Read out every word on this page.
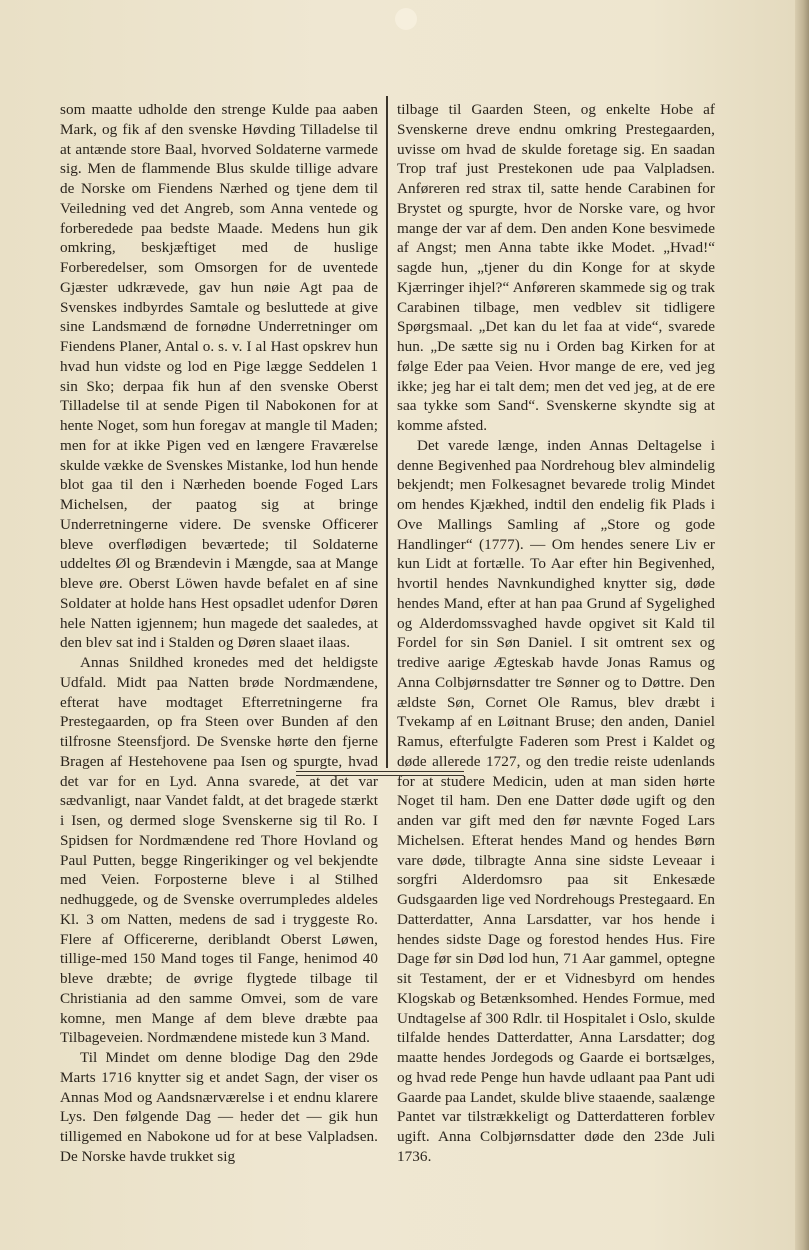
som maatte udholde den strenge Kulde paa aaben Mark, og fik af den svenske Høvding Tilladelse til at antænde store Baal, hvorved Soldaterne varmede sig. Men de flammende Blus skulde tillige advare de Norske om Fiendens Nærhed og tjene dem til Veiledning ved det Angreb, som Anna ventede og forberedede paa bedste Maade. Medens hun gik omkring, beskjæftiget med de huslige Forberedelser, som Omsorgen for de uventede Gjæster udkrævede, gav hun nøie Agt paa de Svenskes indbyrdes Samtale og besluttede at give sine Landsmænd de fornødne Underretninger om Fiendens Planer, Antal o. s. v. I al Hast opskrev hun hvad hun vidste og lod en Pige lægge Seddelen 1 sin Sko; derpaa fik hun af den svenske Oberst Tilladelse til at sende Pigen til Nabokonen for at hente Noget, som hun foregav at mangle til Maden; men for at ikke Pigen ved en længere Fraværelse skulde vække de Svenskes Mistanke, lod hun hende blot gaa til den i Nærheden boende Foged Lars Michelsen, der paatog sig at bringe Underretningerne videre. De svenske Officerer bleve overflødigen beværtede; til Soldaterne uddeltes Øl og Brændevin i Mængde, saa at Mange bleve øre. Oberst Löwen havde befalet en af sine Soldater at holde hans Hest opsadlet udenfor Døren hele Natten igjennem; hun magede det saaledes, at den blev sat ind i Stalden og Døren slaaet ilaas.

Annas Snildhed kronedes med det heldigste Udfald. Midt paa Natten brøde Nordmændene, efterat have modtaget Efterretningerne fra Prestegaarden, op fra Steen over Bunden af den tilfrosne Steensfjord. De Svenske hørte den fjerne Bragen af Hestehovene paa Isen og spurgte, hvad det var for en Lyd. Anna svarede, at det var sædvanligt, naar Vandet faldt, at det bragede stærkt i Isen, og dermed sloge Svenskerne sig til Ro. I Spidsen for Nordmændene red Thore Hovland og Paul Putten, begge Ringerikinger og vel bekjendte med Veien. Forposterne bleve i al Stilhed nedhuggede, og de Svenske overrumpledes aldeles Kl. 3 om Natten, medens de sad i tryggeste Ro. Flere af Officererne, deriblandt Oberst Løwen, tillige-med 150 Mand toges til Fange, henimod 40 bleve dræbte; de øvrige flygtede tilbage til Christiania ad den samme Omvei, som de vare komne, men Mange af dem bleve dræbte paa Tilbageveien. Nordmændene mistede kun 3 Mand.

Til Mindet om denne blodige Dag den 29de Marts 1716 knytter sig et andet Sagn, der viser os Annas Mod og Aandsnærværelse i et endnu klarere Lys. Den følgende Dag — heder det — gik hun tilligemed en Nabokone ud for at bese Valpladsen. De Norske havde trukket sig

tilbage til Gaarden Steen, og enkelte Hobe af Svenskerne dreve endnu omkring Prestegaarden, uvisse om hvad de skulde foretage sig. En saadan Trop traf just Prestekonen ude paa Valpladsen. Anføreren red strax til, satte hende Carabinen for Brystet og spurgte, hvor de Norske vare, og hvor mange der var af dem. Den anden Kone besvimede af Angst; men Anna tabte ikke Modet. „Hvad!“ sagde hun, „tjener du din Konge for at skyde Kjærringer ihjel?“ Anføreren skammede sig og trak Carabinen tilbage, men vedblev sit tidligere Spørgsmaal. „Det kan du let faa at vide“, svarede hun. „De sætte sig nu i Orden bag Kirken for at følge Eder paa Veien. Hvor mange de ere, ved jeg ikke; jeg har ei talt dem; men det ved jeg, at de ere saa tykke som Sand“. Svenskerne skyndte sig at komme afsted.

Det varede længe, inden Annas Deltagelse i denne Begivenhed paa Nordrehoug blev almindelig bekjendt; men Folkesagnet bevarede trolig Mindet om hendes Kjækhed, indtil den endelig fik Plads i Ove Mallings Samling af „Store og gode Handlinger“ (1777). — Om hendes senere Liv er kun Lidt at fortælle. To Aar efter hin Begivenhed, hvortil hendes Navnkundighed knytter sig, døde hendes Mand, efter at han paa Grund af Sygelighed og Alderdomssvaghed havde opgivet sit Kald til Fordel for sin Søn Daniel. I sit omtrent sex og tredive aarige Ægteskab havde Jonas Ramus og Anna Colbjørnsdatter tre Sønner og to Døttre. Den ældste Søn, Cornet Ole Ramus, blev dræbt i Tvekamp af en Løitnant Bruse; den anden, Daniel Ramus, efterfulgte Faderen som Prest i Kaldet og døde allerede 1727, og den tredie reiste udenlands for at studere Medicin, uden at man siden hørte Noget til ham. Den ene Datter døde ugift og den anden var gift med den før nævnte Foged Lars Michelsen. Efterat hendes Mand og hendes Børn vare døde, tilbragte Anna sine sidste Leveaar i sorgfri Alderdomsro paa sit Enkesæde Gudsgaarden lige ved Nordrehougs Prestegaard. En Datterdatter, Anna Larsdatter, var hos hende i hendes sidste Dage og forestod hendes Hus. Fire Dage før sin Død lod hun, 71 Aar gammel, optegne sit Testament, der er et Vidnesbyrd om hendes Klogskab og Betænksomhed. Hendes Formue, med Undtagelse af 300 Rdlr. til Hospitalet i Oslo, skulde tilfalde hendes Datterdatter, Anna Larsdatter; dog maatte hendes Jordegods og Gaarde ei bortsælges, og hvad rede Penge hun havde udlaant paa Pant udi Gaarde paa Landet, skulde blive staaende, saalænge Pantet var tilstrækkeligt og Datterdatteren forblev ugift. Anna Colbjørnsdatter døde den 23de Juli 1736.
